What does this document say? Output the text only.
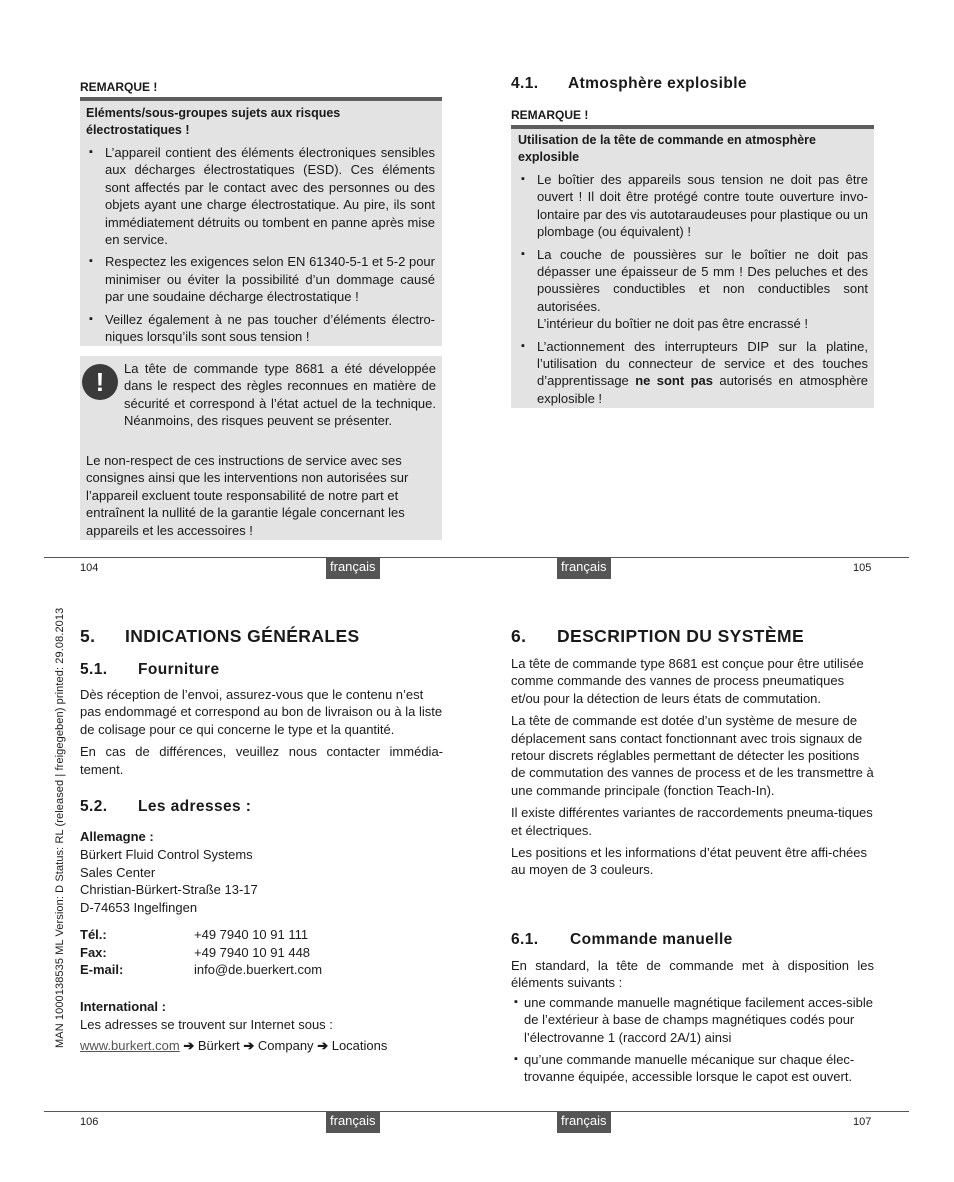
MAN 1000138535 ML Version: D Status: RL (released | freigegeben) printed: 29.08.2013
REMARQUE !
Eléments/sous-groupes sujets aux risques électrostatiques !
▪ L’appareil contient des éléments électroniques sensibles aux décharges électrostatiques (ESD). Ces éléments sont affectés par le contact avec des personnes ou des objets ayant une charge électrostatique. Au pire, ils sont immédiatement détruits ou tombent en panne après mise en service.
▪ Respectez les exigences selon EN 61340-5-1 et 5-2 pour minimiser ou éviter la possibilité d’un dommage causé par une soudaine décharge électrostatique !
▪ Veillez également à ne pas toucher d’éléments électro-niques lorsqu’ils sont sous tension !
!	La tête de commande type 8681 a été développée dans le respect des règles reconnues en matière de sécurité et correspond à l’état actuel de la technique. Néanmoins, des risques peuvent se présenter.
Le non-respect de ces instructions de service avec ses consignes ainsi que les interventions non autorisées sur l’appareil excluent toute responsabilité de notre part et entraînent la nullité de la garantie légale concernant les appareils et les accessoires !
4.1. Atmosphère explosible
REMARQUE !
Utilisation de la tête de commande en atmosphère explosible
▪ Le boîtier des appareils sous tension ne doit pas être ouvert ! Il doit être protégé contre toute ouverture invo-lontaire par des vis autotaraudeuses pour plastique ou un plombage (ou équivalent) !
▪ La couche de poussières sur le boîtier ne doit pas dépasser une épaisseur de 5 mm ! Des peluches et des poussières conductibles et non conductibles sont autorisées.
L’intérieur du boîtier ne doit pas être encrassé !
▪ L’actionnement des interrupteurs DIP sur la platine, l’utilisation du connecteur de service et des touches d’apprentissage ne sont pas autorisés en atmosphère explosible !
104	français	français	105
5. INDICATIONS GÉNÉRALES
5.1. Fourniture

Dès réception de l’envoi, assurez-vous que le contenu n’est pas endommagé et correspond au bon de livraison ou à la liste de colisage pour ce qui concerne le type et la quantité.

En cas de différences, veuillez nous contacter immédia-tement.

5.2. Les adresses :
Allemagne :
Bürkert Fluid Control Systems
Sales Center
Christian-Bürkert-Straße 13-17
D-74653 Ingelfingen
Tél.:	+49 7940 10 91 111
Fax:	+49 7940 10 91 448
E-mail:	info@de.buerkert.com
International :
Les adresses se trouvent sur Internet sous :
www.burkert.com ➔ Bürkert ➔ Company ➔ Locations
6. DESCRIPTION DU SYSTÈME

La tête de commande type 8681 est conçue pour être utilisée comme commande des vannes de process pneumatiques et/ou pour la détection de leurs états de commutation.

La tête de commande est dotée d’un système de mesure de déplacement sans contact fonctionnant avec trois signaux de retour discrets réglables permettant de détecter les positions de commutation des vannes de process et de les transmettre à une commande principale (fonction Teach-In).

Il existe différentes variantes de raccordements pneuma-tiques et électriques.

Les positions et les informations d’état peuvent être affi-chées au moyen de 3 couleurs.

6.1. Commande manuelle

En standard, la tête de commande met à disposition les éléments suivants :

▪ une commande manuelle magnétique facilement acces-sible de l’extérieur à base de champs magnétiques codés pour l’électrovanne 1 (raccord 2A/1) ainsi
▪ qu’une commande manuelle mécanique sur chaque élec-trovanne équipée, accessible lorsque le capot est ouvert.
106	français	français	107
